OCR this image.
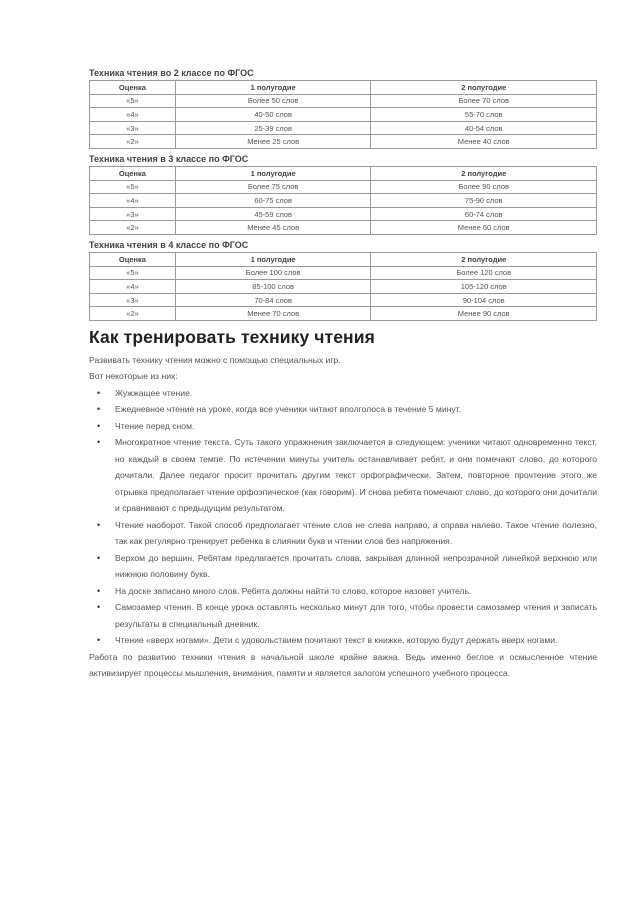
Техника чтения во 2 классе по ФГОС
Оценка	1 полугодие	2 полугодие
«5»	Более 50 слов	Более 70 слов
«4»	40-50 слов	55-70 слов
«3»	25-39 слов	40-54 слов
«2»	Менее 25 слов	Менее 40 слов
Техника чтения в 3 классе по ФГОС
Оценка	1 полугодие	2 полугодие
«5»	Более 75 слов	Более 90 слов
«4»	60-75 слов	75-90 слов
«3»	45-59 слов	60-74 слов
«2»	Менее 45 слов	Менее 60 слов
Техника чтения в 4 классе по ФГОС
Оценка	1 полугодие	2 полугодие
«5»	Более 100 слов	Более 120 слов
«4»	85-100 слов	105-120 слов
«3»	70-84 слов	90-104 слов
«2»	Менее 70 слов	Менее 90 слов
Как тренировать технику чтения

Развивать технику чтения можно с помощью специальных игр.

Вот некоторые из них:

• Жужжащее чтение.
• Ежедневное чтение на уроке, когда все ученики читают вполголоса в течение 5 минут.
• Чтение перед сном.
• Многократное чтение текста. Суть такого упражнения заключается в следующем: ученики читают одновременно текст, но каждый в своем темпе. По истечении минуты учитель останавливает ребят, и они помечают слово, до которого дочитали. Далее педагог просит прочитать другим текст орфографически. Затем, повторное прочтение этого же отрывка предполагает чтение орфоэпическое (как говорим). И снова ребята помечают слово, до которого они дочитали и сравнивают с предыдущим результатом.
• Чтение наоборот. Такой способ предполагает чтение слов не слева направо, а справа налево. Такое чтение полезно, так как регулярно тренирует ребенка в слиянии букв и чтении слов без напряжения.
• Верхом до вершин. Ребятам предлагается прочитать слова, закрывая длинной непрозрачной линейкой верхнюю или нижнюю половину букв.
• На доске записано много слов. Ребята должны найти то слово, которое назовет учитель.
• Самозамер чтения. В конце урока оставлять несколько минут для того, чтобы провести самозамер чтения и записать результаты в специальный дневник.
• Чтение «вверх ногами». Дети с удовольствием почитают текст в книжке, которую будут держать вверх ногами.

Работа по развитию техники чтения в начальной школе крайне важна. Ведь именно беглое и осмысленное чтение активизирует процессы мышления, внимания, памяти и является залогом успешного учебного процесса.
